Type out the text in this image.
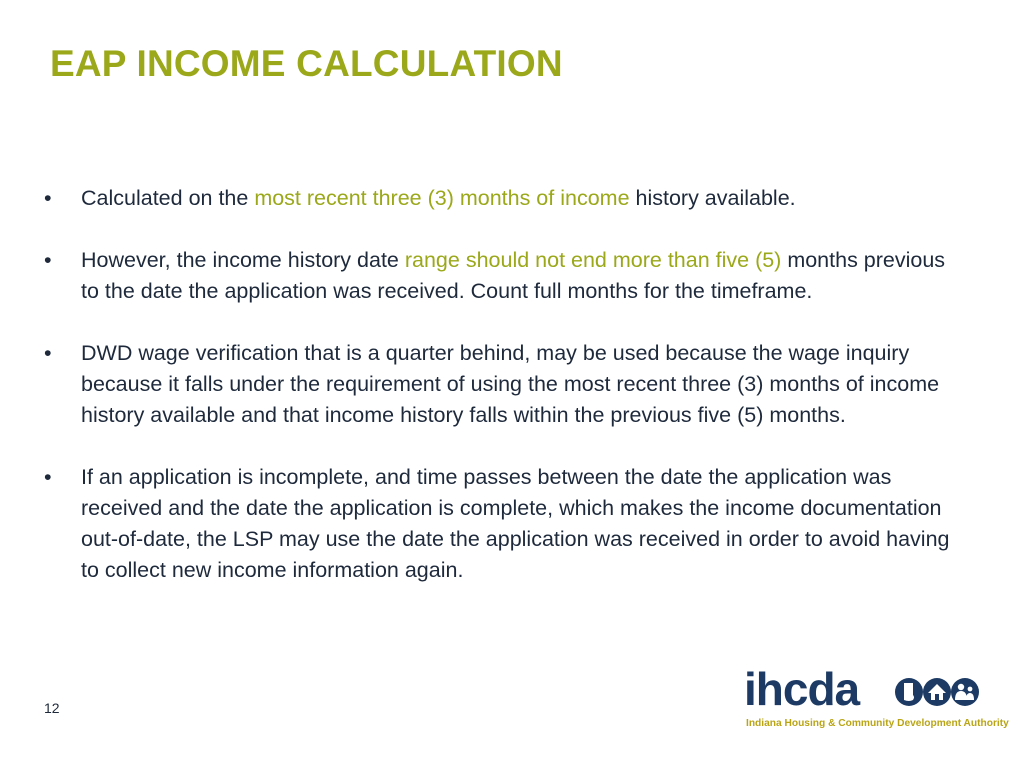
EAP INCOME CALCULATION
• Calculated on the most recent three (3) months of income history available.
• However, the income history date range should not end more than five (5) months previous to the date the application was received. Count full months for the timeframe.
• DWD wage verification that is a quarter behind, may be used because the wage inquiry because it falls under the requirement of using the most recent three (3) months of income history available and that income history falls within the previous five (5) months.
• If an application is incomplete, and time passes between the date the application was received and the date the application is complete, which makes the income documentation out-of-date, the LSP may use the date the application was received in order to avoid having to collect new income information again.
12	ihcda
Indiana Housing & Community Development Authority
